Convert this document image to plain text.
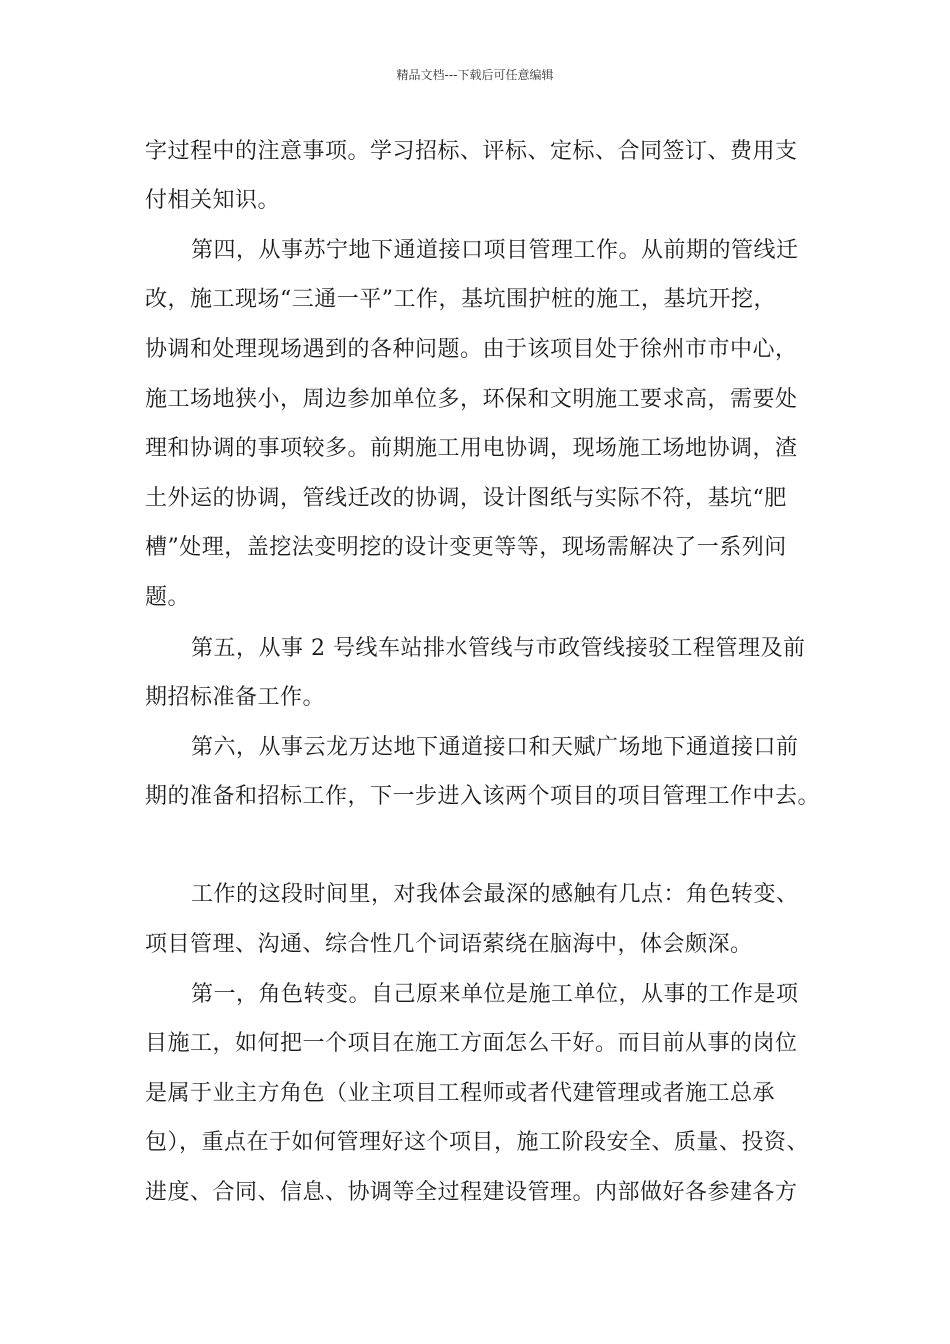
精品文档---下载后可任意编辑
字过程中的注意事项。学习招标、评标、定标、合同签订、费用支
付相关知识。
第四，从事苏宁地下通道接口项目管理工作。从前期的管线迁
改，施工现场“三通一平”工作，基坑围护桩的施工，基坑开挖，
协调和处理现场遇到的各种问题。由于该项目处于徐州市市中心，
施工场地狭小，周边参加单位多，环保和文明施工要求高，需要处
理和协调的事项较多。前期施工用电协调，现场施工场地协调，渣
土外运的协调，管线迁改的协调，设计图纸与实际不符，基坑“肥
槽”处理，盖挖法变明挖的设计变更等等，现场需解决了一系列问
题。
第五，从事 2 号线车站排水管线与市政管线接驳工程管理及前
期招标准备工作。
第六，从事云龙万达地下通道接口和天赋广场地下通道接口前
期的准备和招标工作，下一步进入该两个项目的项目管理工作中去。
工作的这段时间里，对我体会最深的感触有几点：角色转变、
项目管理、沟通、综合性几个词语萦绕在脑海中，体会颇深。
第一，角色转变。自己原来单位是施工单位，从事的工作是项
目施工，如何把一个项目在施工方面怎么干好。而目前从事的岗位
是属于业主方角色（业主项目工程师或者代建管理或者施工总承
包），重点在于如何管理好这个项目，施工阶段安全、质量、投资、
进度、合同、信息、协调等全过程建设管理。内部做好各参建各方
